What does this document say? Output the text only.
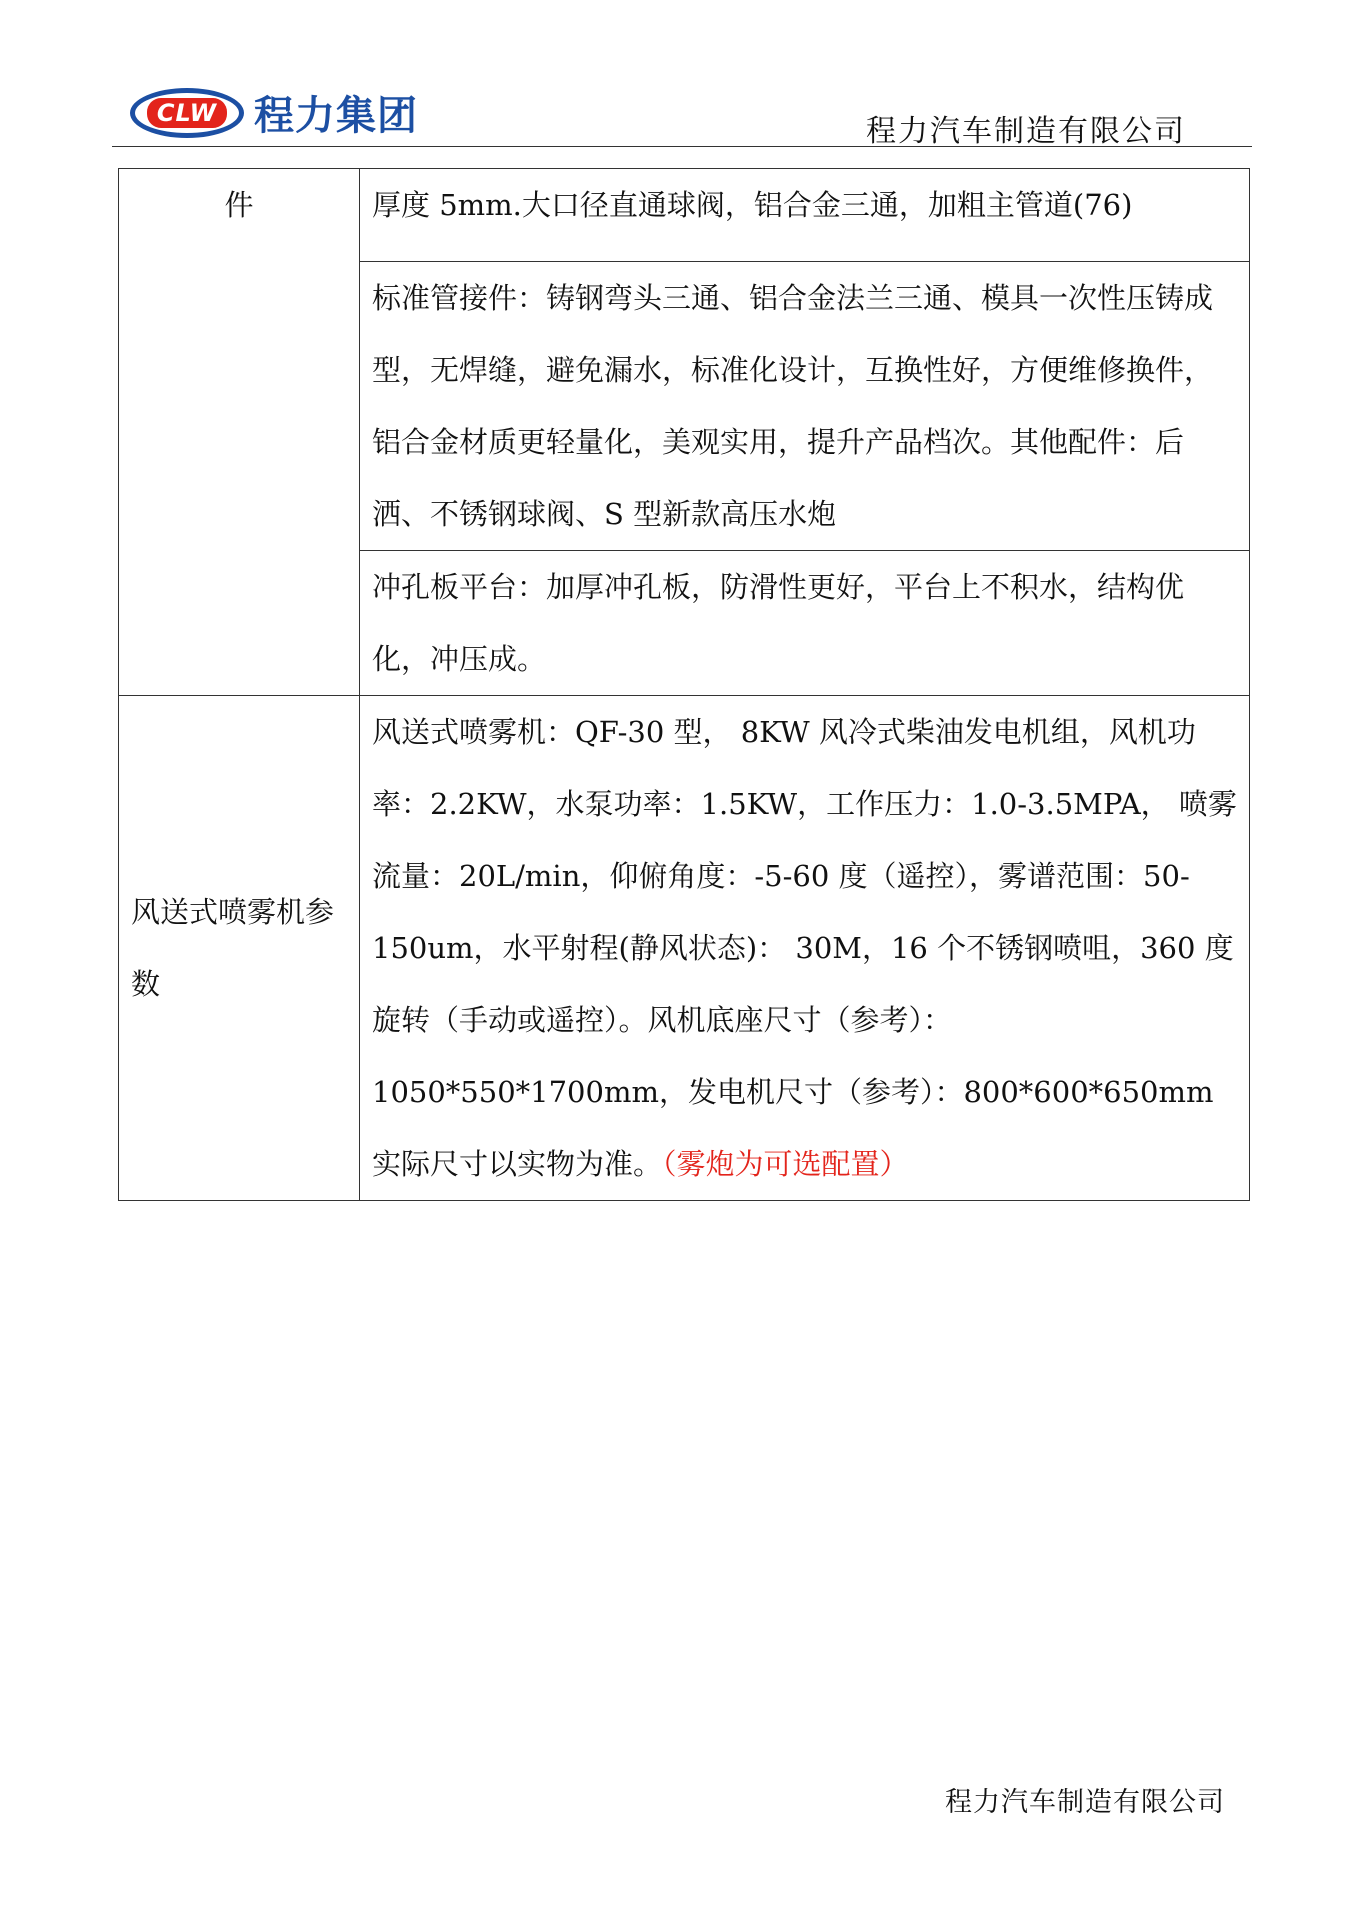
CLW 程力集团	程力汽车制造有限公司
件	厚度 5mm.大口径直通球阀，铝合金三通，加粗主管道(76)
	标准管接件：铸钢弯头三通、铝合金法兰三通、模具一次性压铸成型，无焊缝，避免漏水，标准化设计，互换性好，方便维修换件，铝合金材质更轻量化，美观实用，提升产品档次。其他配件：后洒、不锈钢球阀、S 型新款高压水炮
	冲孔板平台：加厚冲孔板，防滑性更好，平台上不积水，结构优化，冲压成。
风送式喷雾机参数	风送式喷雾机：QF-30 型， 8KW 风冷式柴油发电机组，风机功率：2.2KW，水泵功率：1.5KW，工作压力：1.0-3.5MPA， 喷雾流量：20L/min，仰俯角度：-5-60 度（遥控），雾谱范围：50-150um，水平射程(静风状态)： 30M，16 个不锈钢喷咀，360 度旋转（手动或遥控）。风机底座尺寸（参考）：1050*550*1700mm，发电机尺寸（参考）：800*600*650mm 实际尺寸以实物为准。（雾炮为可选配置）
程力汽车制造有限公司
